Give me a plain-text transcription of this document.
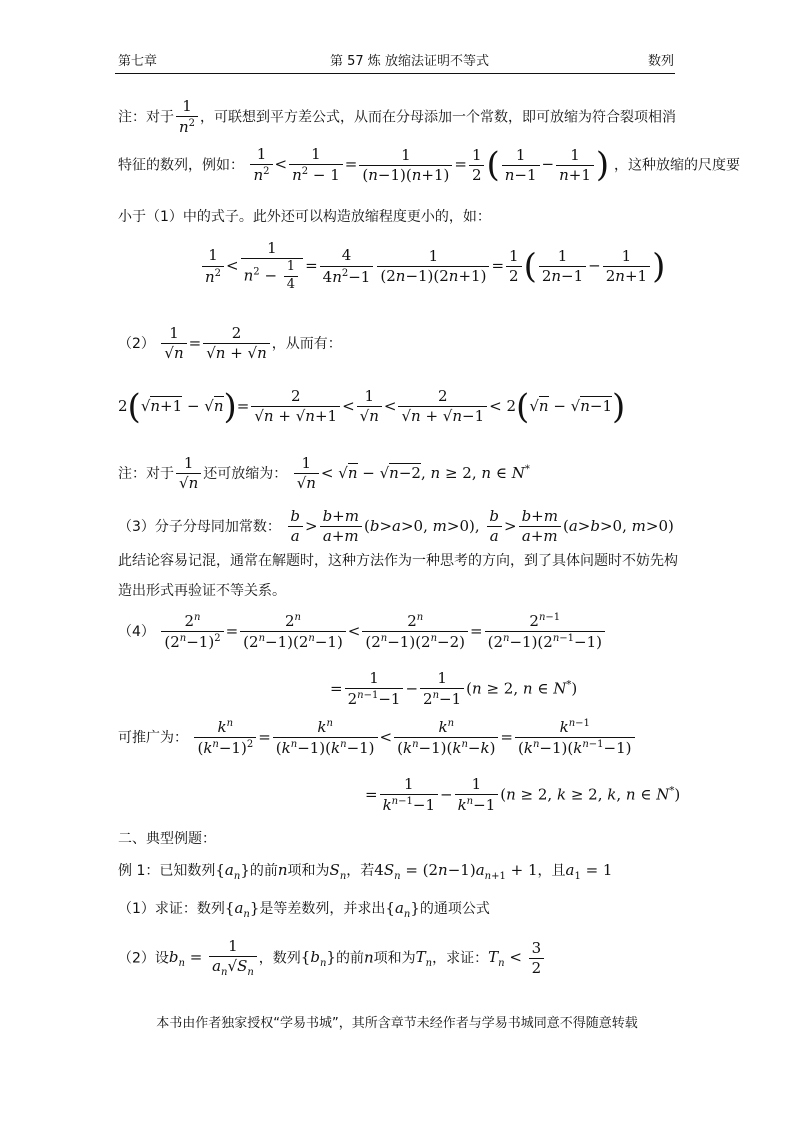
第七章	第 57 炼 放缩法证明不等式	数列
注：对于 $\frac{1}{n^2}$ ，可联想到平方差公式，从而在分母添加一个常数，即可放缩为符合裂项相消
特征的数列，例如： $\frac{1}{n^2} < \frac{1}{n^2 - 1} = \frac{1}{(n-1)(n+1)} = \frac{1}{2}$ ( $\frac{1}{n-1} - \frac{1}{n+1}$ ) ，这种放缩的尺度要
小于（1）中的式子。此外还可以构造放缩程度更小的，如：
$\frac{1}{n^2} < \frac{1}{n^2 - \frac{1}{4}} = \frac{4}{4n^2-1} \frac{1}{(2n-1)(2n+1)} = \frac{1}{2}$ ( $\frac{1}{2n-1} - \frac{1}{2n+1}$ )
$(2) \frac{1}{√n} = \frac{2}{√n + √n}$ ，从而有：
$2(√n+1 - √n)= \frac{2}{√n + √n+1} < \frac{1}{√n} < \frac{2}{√n + √n-1} < 2(√n - √n-1)$
注：对于 $\frac{1}{√n}$ 还可放缩为： $\frac{1}{√n} < √n - √n-2$, n ≥ 2, n ∈ N*
（3）分子分母同加常数： $\frac{b}{a} > \frac{b+m}{a+m} (b>a>0$, m>0), $\frac{b}{a} > \frac{b+m}{a+m} (a>b>0$, m>0)
此结论容易记混，通常在解题时，这种方法作为一种思考的方向，到了具体问题时不妨先构
造出形式再验证不等关系。
$(4) \frac{2^n}{(2^n-1)^2} = \frac{2^n}{(2^n-1)(2^n-1)} < \frac{2^n}{(2^n-1)(2^n-2)} = \frac{2^{n-1}}{(2^n-1)(2^{n-1}-1)}$
= $\frac{1}{2^{n-1}-1} - \frac{1}{2^n-1} (n \ge 2$, n ∈ N*)
可推广为： $\frac{k^n}{(k^n-1)^2} = \frac{k^n}{(k^n-1)(k^n-1)} < \frac{k^n}{(k^n-1)(k^n-k)} = \frac{k^{n-1}}{(k^n-1)(k^{n-1}-1)}$
= $\frac{1}{k^{n-1}-1} - \frac{1}{k^n-1} (n \ge 2$, k ≥ 2, k, n ∈ N*)
二、典型例题：
例 1：已知数列$\{a_n\}$的前n项和为$S_n$，若$4S_n = (2n-1)a_{n+1} + 1$，且$a_1 = 1$
（1）求证：数列$\{a_n\}$是等差数列，并求出$\{a_n\}$的通项公式
（2）设$b_n = \frac{1}{a_n√S_n}$ ，数列$\{b_n\}$的前n项和为$T_n$，求证：$T_n < \frac{3}{2}$
本书由作者独家授权“学易书城”，其所含章节未经作者与学易书城同意不得随意转载
